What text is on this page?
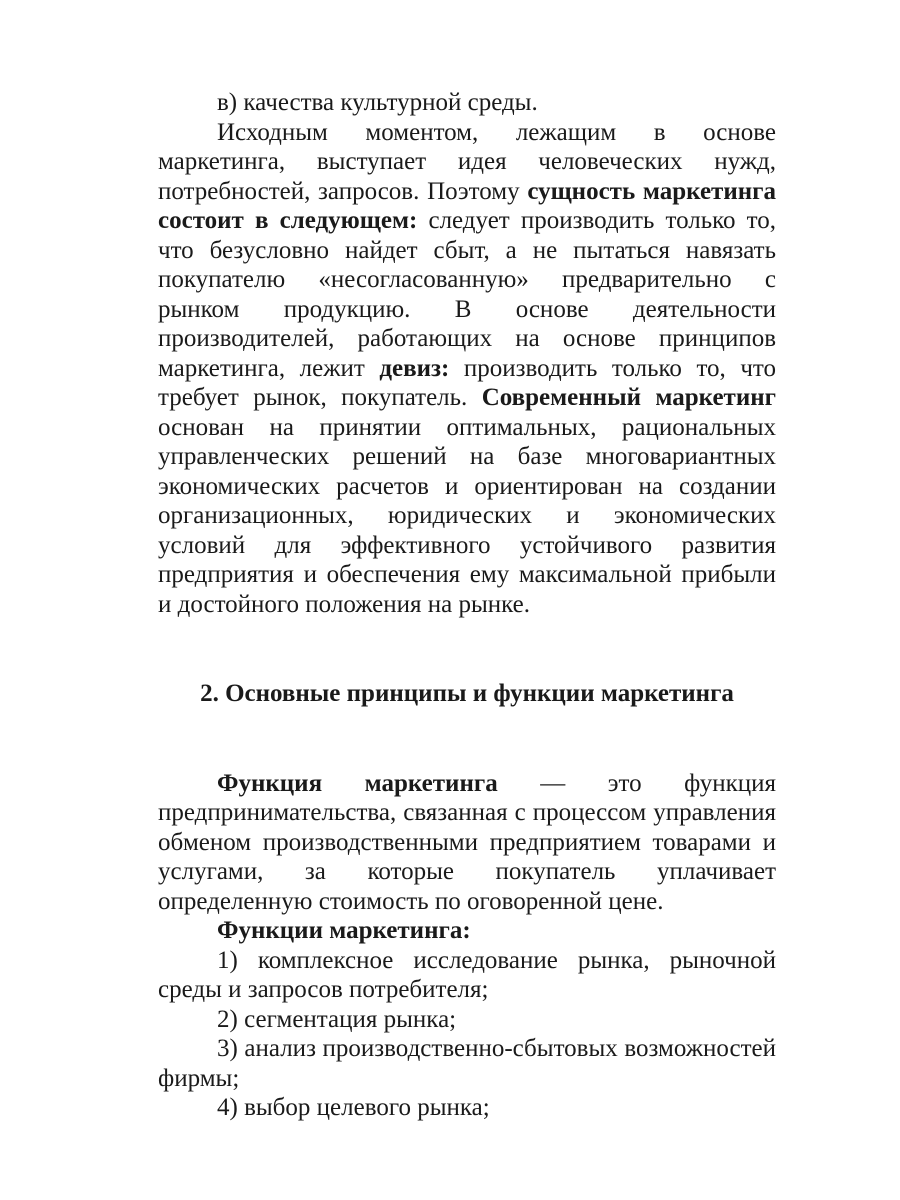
в) качества культурной среды.

Исходным моментом, лежащим в основе маркетинга, выступает идея человеческих нужд, потребностей, запросов. Поэтому сущность маркетинга состоит в следующем: следует производить только то, что безусловно найдет сбыт, а не пытаться навязать покупателю «несогласованную» предварительно с рынком продукцию. В основе деятельности производителей, работающих на основе принципов маркетинга, лежит девиз: производить только то, что требует рынок, покупатель. Современный маркетинг основан на принятии оптимальных, рациональных управленческих решений на базе многовариантных экономических расчетов и ориентирован на создании организационных, юридических и экономических условий для эффективного устойчивого развития предприятия и обеспечения ему максимальной прибыли и достойного положения на рынке.

2. Основные принципы и функции маркетинга

Функция маркетинга — это функция предпринимательства, связанная с процессом управления обменом производственными предприятием товарами и услугами, за которые покупатель уплачивает определенную стоимость по оговоренной цене.

Функции маркетинга:

1) комплексное исследование рынка, рыночной среды и запросов потребителя;

2) сегментация рынка;

3) анализ производственно-сбытовых возможностей фирмы;

4) выбор целевого рынка;
